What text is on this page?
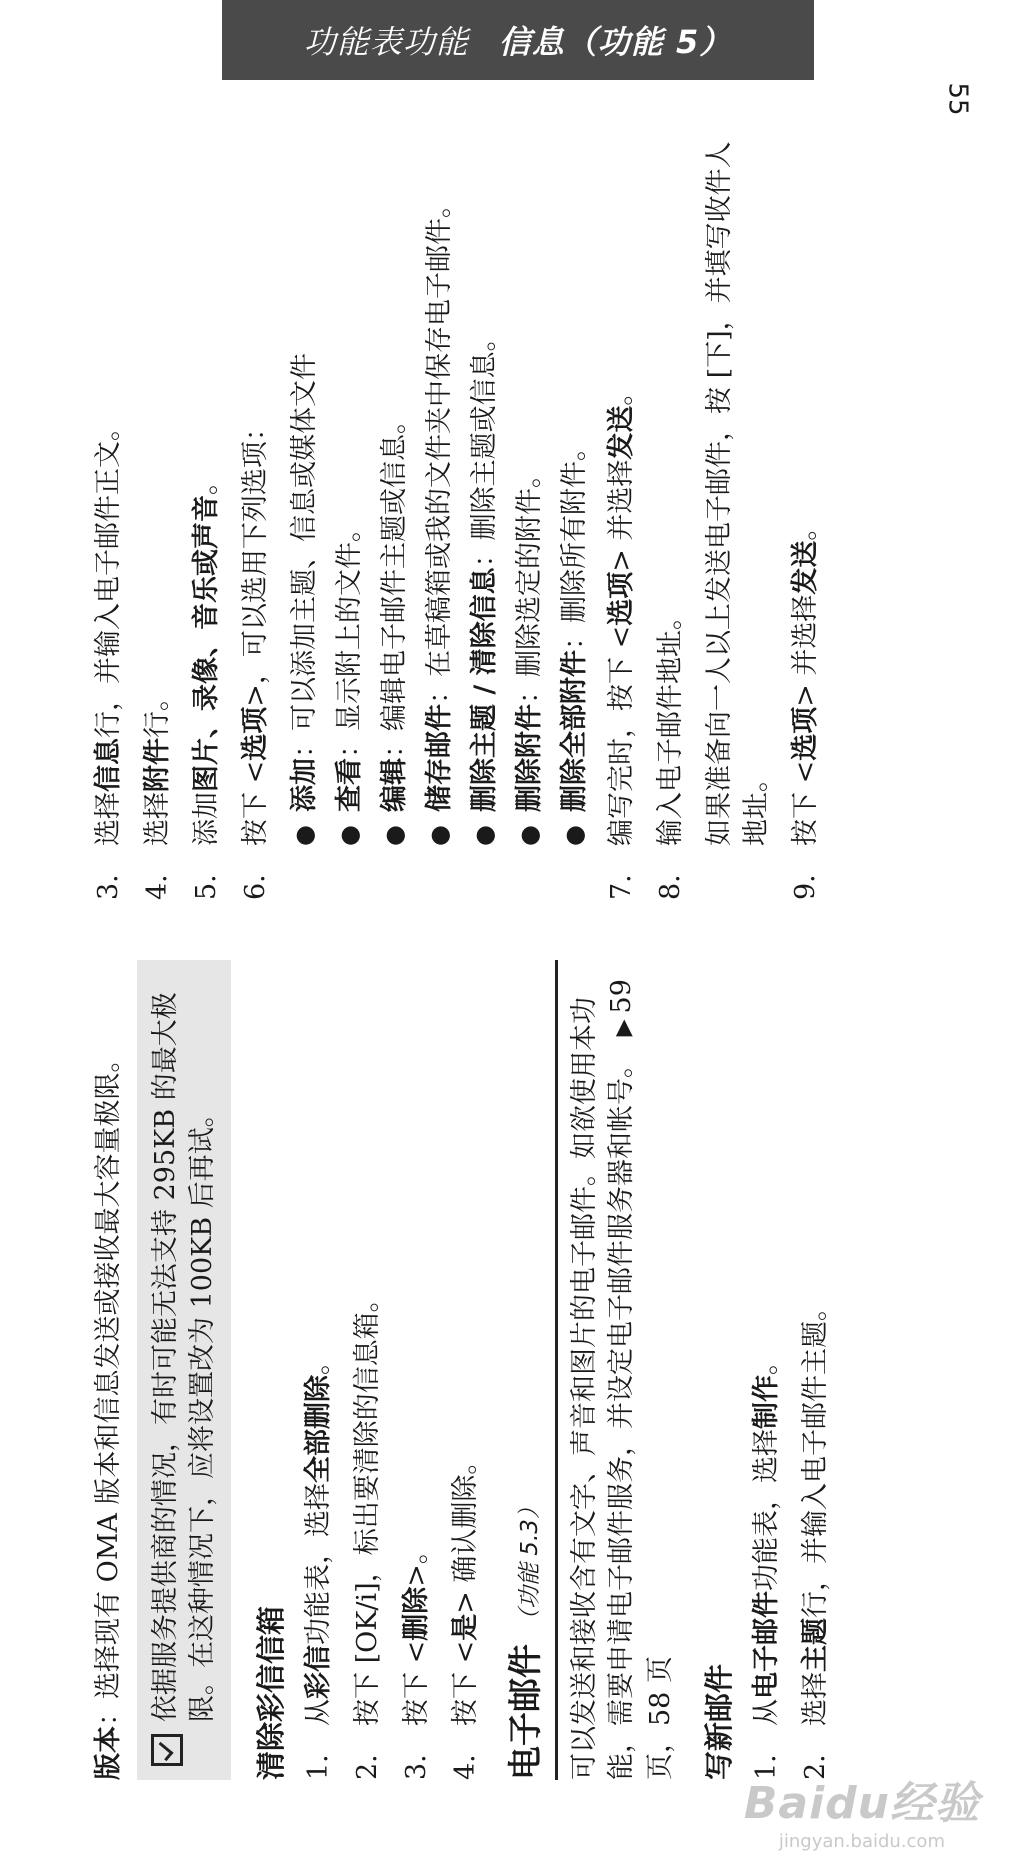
功能表功能 信息（功能 5）
55

版本：选择现有 OMA 版本和信息发送或接收最大容量极限。 依据服务提供商的情况，有时可能无法支持 295KB 的最大极限。在这种情况下，应将设置改为 100KB 后再试。 清除彩信信箱 1.
从彩信功能表，选择全部删除。
2.
按下 [OK/i]，标出要清除的信息箱。
3.
按下 <删除>。
4.
按下 <是> 确认删除。
电子邮件（功能 5.3） 可以发送和接收含有文字、声音和图片的电子邮件。如欲使用本功能，需要申请电子邮件服务，并设定电子邮件服务器和帐号。 ▶59 页，58 页 写新邮件 1.
从电子邮件功能表，选择制作。
2.
选择主题行，并输入电子邮件主题。
3.
选择信息行，并输入电子邮件正文。
4.
选择附件行。
5.
添加图片、录像、音乐或声音。
6.
按下 <选项>，可以选用下列选项：
●
添加：可以添加主题、信息或媒体文件
●
查看：显示附上的文件。
●
编辑：编辑电子邮件主题或信息。
●
储存邮件：在草稿箱或我的文件夹中保存电子邮件。
●
删除主题 / 清除信息：删除主题或信息。
●
删除附件：删除选定的附件。
●
删除全部附件：删除所有附件。
7.
编写完时，按下 <选项> 并选择发送。
8.
输入电子邮件地址。 如果准备向一人以上发送电子邮件，按 [下]，并填写收件人地址。
9.
按下 <选项> 并选择发送。
Baidu经验
jingyan.baidu.com
